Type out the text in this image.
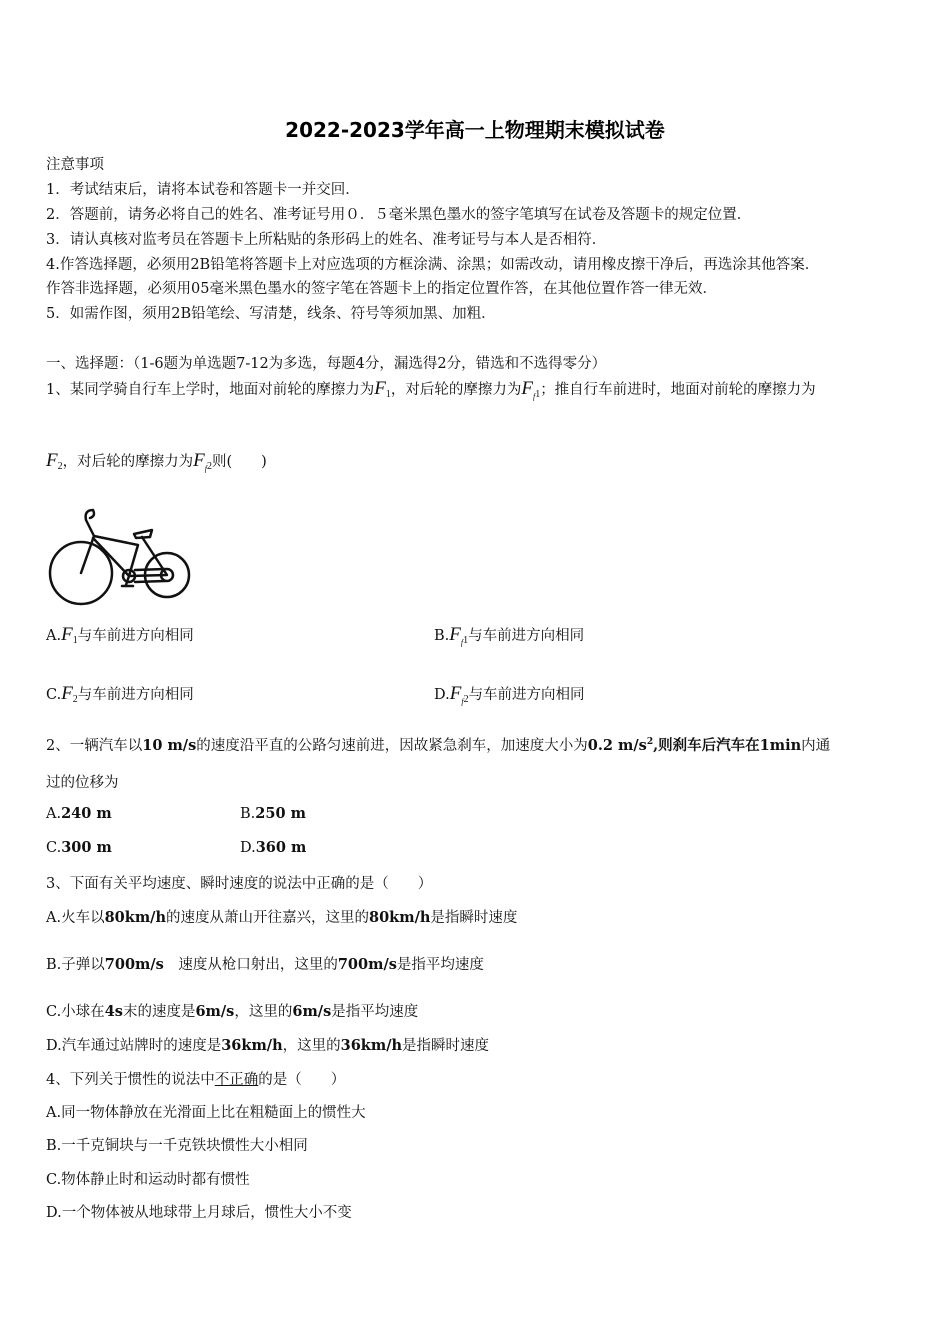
2022-2023学年高一上物理期末模拟试卷
注意事项
1．考试结束后，请将本试卷和答题卡一并交回．
2．答题前，请务必将自己的姓名、准考证号用０．５毫米黑色墨水的签字笔填写在试卷及答题卡的规定位置．
3．请认真核对监考员在答题卡上所粘贴的条形码上的姓名、准考证号与本人是否相符．
4.作答选择题，必须用2B铅笔将答题卡上对应选项的方框涂满、涂黑；如需改动，请用橡皮擦干净后，再选涂其他答案．
作答非选择题，必须用05毫米黑色墨水的签字笔在答题卡上的指定位置作答，在其他位置作答一律无效．
5．如需作图，须用2B铅笔绘、写清楚，线条、符号等须加黑、加粗．
一、选择题：（1-6题为单选题7-12为多选，每题4分，漏选得2分，错选和不选得零分）
1、某同学骑自行车上学时，地面对前轮的摩擦力为$F_1$，对后轮的摩擦力为$F_{_f1}$；推自行车前进时，地面对前轮的摩擦力为
$F_2$，对后轮的摩擦力为$F_{_f2}$则(　　)
$A.F_1$与车前进方向相同	$B.F_{_f1}$与车前进方向相同
$C.F_2$与车前进方向相同	$D.F_{_f2}$与车前进方向相同
2、一辆汽车以10 m/s的速度沿平直的公路匀速前进，因故紧急刹车，加速度大小为0.2 $m/s^2$,则刹车后汽车在1min内通
过的位移为
A.240 m	B.250 m
C.300 m	D.360 m
3、下面有关平均速度、瞬时速度的说法中正确的是（　　）
A.火车以80km/h的速度从萧山开往嘉兴，这里的80km/h是指瞬时速度
B.子弹以700m/s　速度从枪口射出，这里的700m/s是指平均速度
C.小球在4s末的速度是6m/s，这里的6m/s是指平均速度
D.汽车通过站牌时的速度是36km/h，这里的36km/h是指瞬时速度
4、下列关于惯性的说法中不正确的是（　　）
A.同一物体静放在光滑面上比在粗糙面上的惯性大
B.一千克铜块与一千克铁块惯性大小相同
C.物体静止时和运动时都有惯性
D.一个物体被从地球带上月球后，惯性大小不变
